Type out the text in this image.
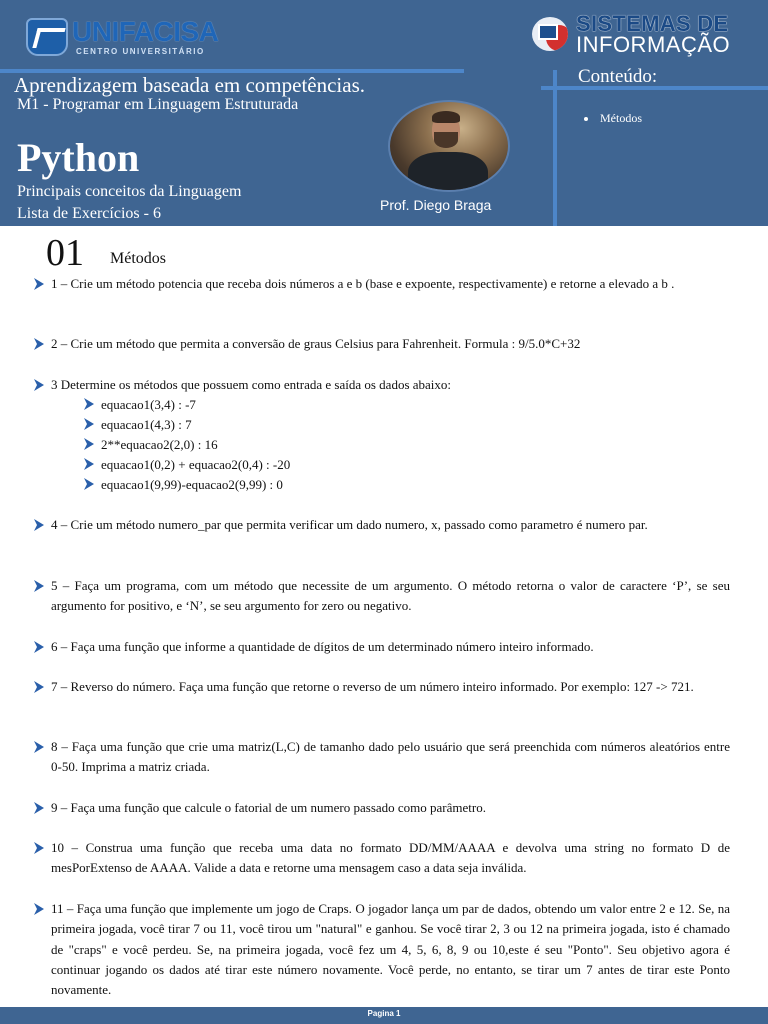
UNIFACISA
CENTRO UNIVERSITÁRIO
SISTEMAS DE
INFORMAÇÃO
Aprendizagem baseada em competências.
M1 - Programar em Linguagem Estruturada
Python
Principais conceitos da Linguagem
Lista de Exercícios - 6	Prof. Diego Braga
Conteúdo:
Métodos
01 Métodos
1 – Crie um método potencia que receba dois números a e b (base e expoente, respectivamente) e retorne a elevado a b .
2 – Crie um método que permita a conversão de graus Celsius para Fahrenheit. Formula : 9/5.0*C+32
3 Determine os métodos que possuem como entrada e saída os dados abaixo:
equacao1(3,4) : -7
equacao1(4,3) : 7
2**equacao2(2,0) : 16
equacao1(0,2) + equacao2(0,4) : -20
equacao1(9,99)-equacao2(9,99) : 0
4 – Crie um método numero_par que permita verificar um dado numero, x, passado como parametro é numero par.
5 – Faça um programa, com um método que necessite de um argumento. O método retorna o valor de caractere ‘P’, se seu argumento for positivo, e ‘N’, se seu argumento for zero ou negativo.
6 – Faça uma função que informe a quantidade de dígitos de um determinado número inteiro informado.
7 – Reverso do número. Faça uma função que retorne o reverso de um número inteiro informado. Por exemplo: 127 -> 721.
8 – Faça uma função que crie uma matriz(L,C) de tamanho dado pelo usuário que será preenchida com números aleatórios entre 0-50. Imprima a matriz criada.
9 – Faça uma função que calcule o fatorial de um numero passado como parâmetro.
10 – Construa uma função que receba uma data no formato DD/MM/AAAA e devolva uma string no formato D de mesPorExtenso de AAAA. Valide a data e retorne uma mensagem caso a data seja inválida.
11 – Faça uma função que implemente um jogo de Craps. O jogador lança um par de dados, obtendo um valor entre 2 e 12. Se, na primeira jogada, você tirar 7 ou 11, você tirou um "natural" e ganhou. Se você tirar 2, 3 ou 12 na primeira jogada, isto é chamado de "craps" e você perdeu. Se, na primeira jogada, você fez um 4, 5, 6, 8, 9 ou 10,este é seu "Ponto". Seu objetivo agora é continuar jogando os dados até tirar este número novamente. Você perde, no entanto, se tirar um 7 antes de tirar este Ponto novamente.
Pagina 1
